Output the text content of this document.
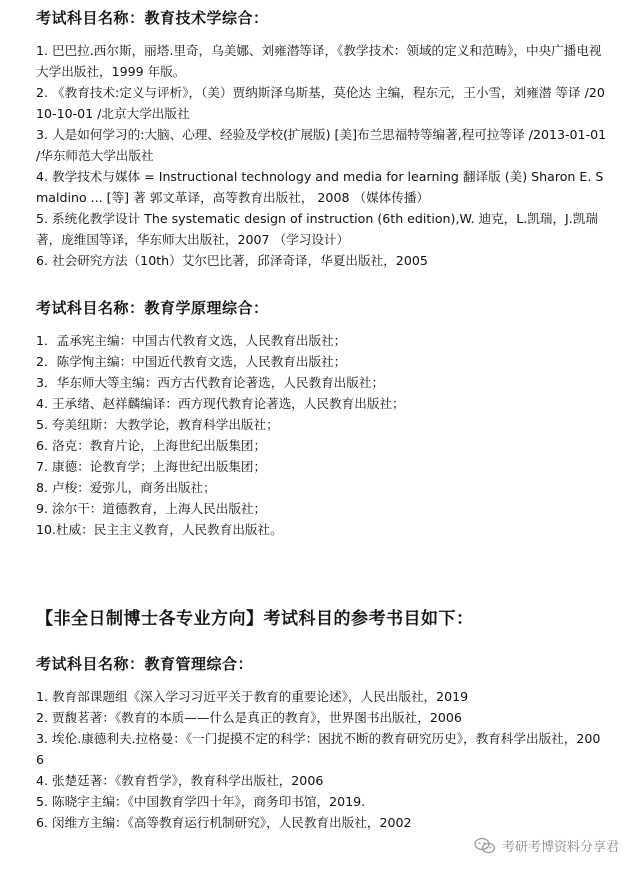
考试科目名称：教育技术学综合：
1. 巴巴拉.西尔斯，丽塔.里奇，乌美娜、刘雍潜等译，《教学技术：领域的定义和范畴》，中央广播电视大学出版社，1999 年版。
2. 《教育技术:定义与评析》，（美）贾纳斯泽乌斯基，莫伦达 主编，程东元，王小雪，刘雍潜 等译 /2010-10-01 /北京大学出版社
3. 人是如何学习的:大脑、心理、经验及学校(扩展版) [美]布兰思福特等编著,程可拉等译 /2013-01-01 /华东师范大学出版社
4. 教学技术与媒体 = Instructional technology and media for learning 翻译版 (美) Sharon E. Smaldino ... [等] 著 郭文革译，高等教育出版社， 2008 （媒体传播）
5. 系统化教学设计 The systematic design of instruction (6th edition),W. 迪克，L.凯瑞，J.凯瑞 著，庞维国等译，华东师大出版社，2007 （学习设计）
6. 社会研究方法（10th）艾尔巴比著，邱泽奇译，华夏出版社，2005
考试科目名称：教育学原理综合：
1．孟承宪主编：中国古代教育文选，人民教育出版社；
2．陈学恂主编：中国近代教育文选，人民教育出版社；
3．华东师大等主编：西方古代教育论著选，人民教育出版社；
4. 王承绪、赵祥麟编译：西方现代教育论著选，人民教育出版社；
5. 夸美纽斯：大教学论，教育科学出版社；
6. 洛克：教育片论，上海世纪出版集团；
7. 康德：论教育学；上海世纪出版集团；
8. 卢梭：爱弥儿，商务出版社；
9. 涂尔干：道德教育，上海人民出版社；
10.杜威：民主主义教育，人民教育出版社。
【非全日制博士各专业方向】考试科目的参考书目如下：
考试科目名称：教育管理综合：
1. 教育部课题组《深入学习习近平关于教育的重要论述》，人民出版社，2019
2. 贾馥茗著：《教育的本质——什么是真正的教育》，世界图书出版社，2006
3. 埃伦.康德利夫.拉格曼：《一门捉摸不定的科学：困扰不断的教育研究历史》，教育科学出版社，2006
4. 张楚廷著：《教育哲学》，教育科学出版社，2006
5. 陈晓宇主编：《中国教育学四十年》，商务印书馆，2019.
6. 闵维方主编：《高等教育运行机制研究》，人民教育出版社，2002
考研考博资料分享君
